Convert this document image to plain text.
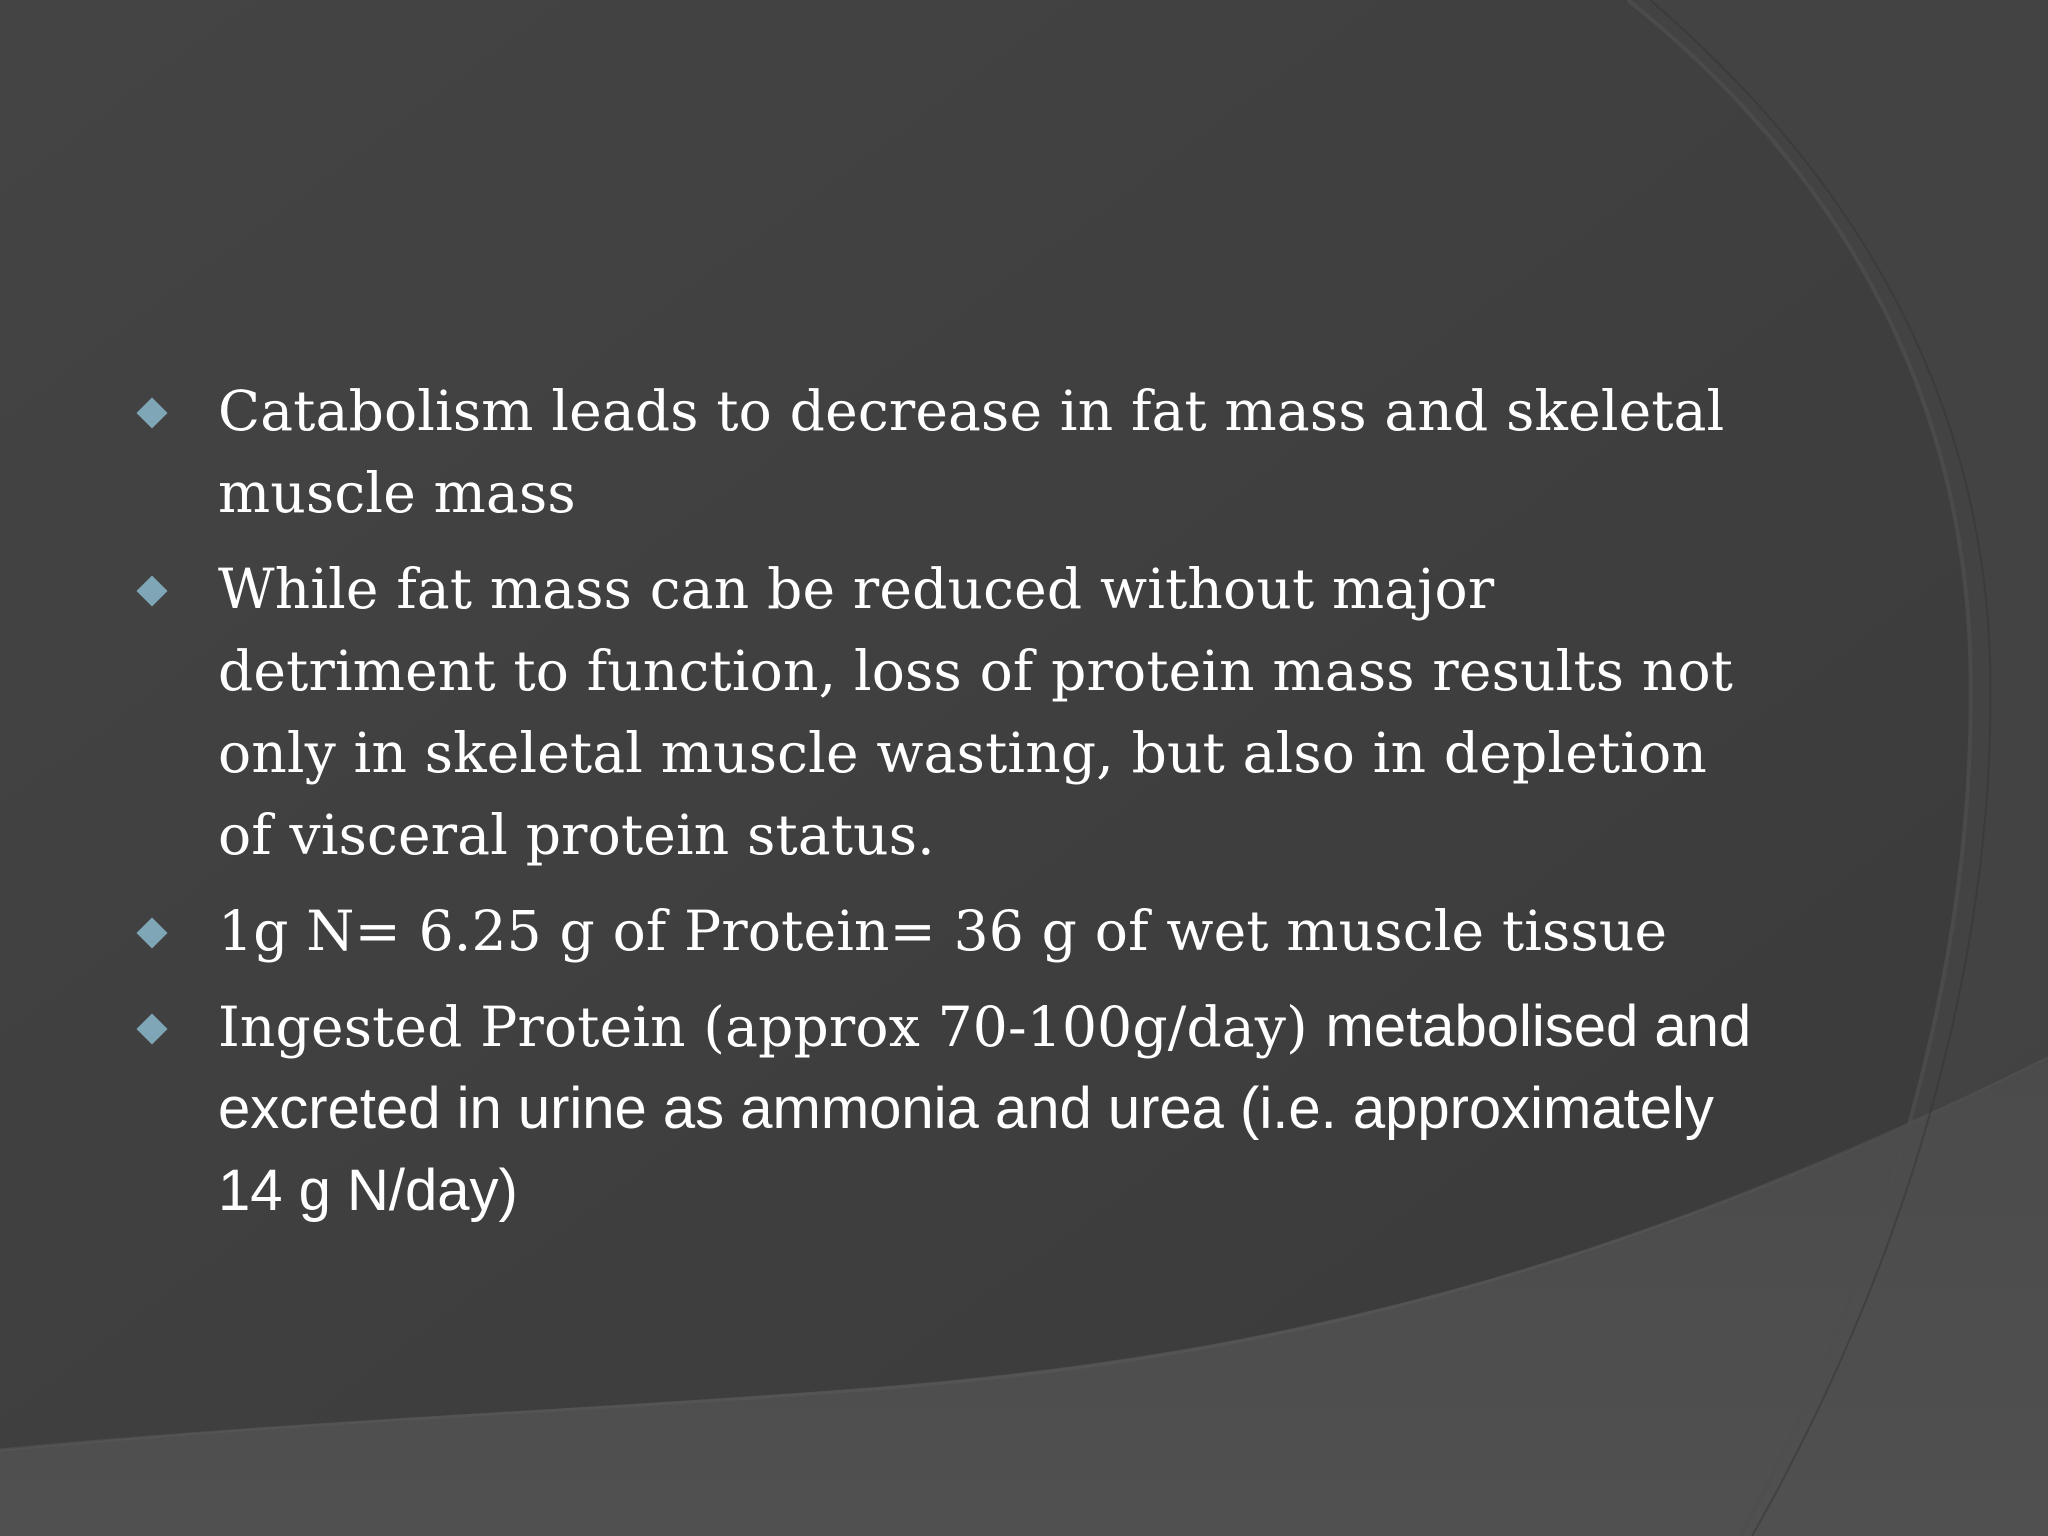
Catabolism leads to decrease in fat mass and skeletal muscle mass
While fat mass can be reduced without major detriment to function, loss of protein mass results not only in skeletal muscle wasting, but also in depletion of visceral protein status.
1g N= 6.25 g of Protein= 36 g of wet muscle tissue
Ingested Protein (approx 70-100g/day) metabolised and excreted in urine as ammonia and urea (i.e. approximately 14 g N/day)
